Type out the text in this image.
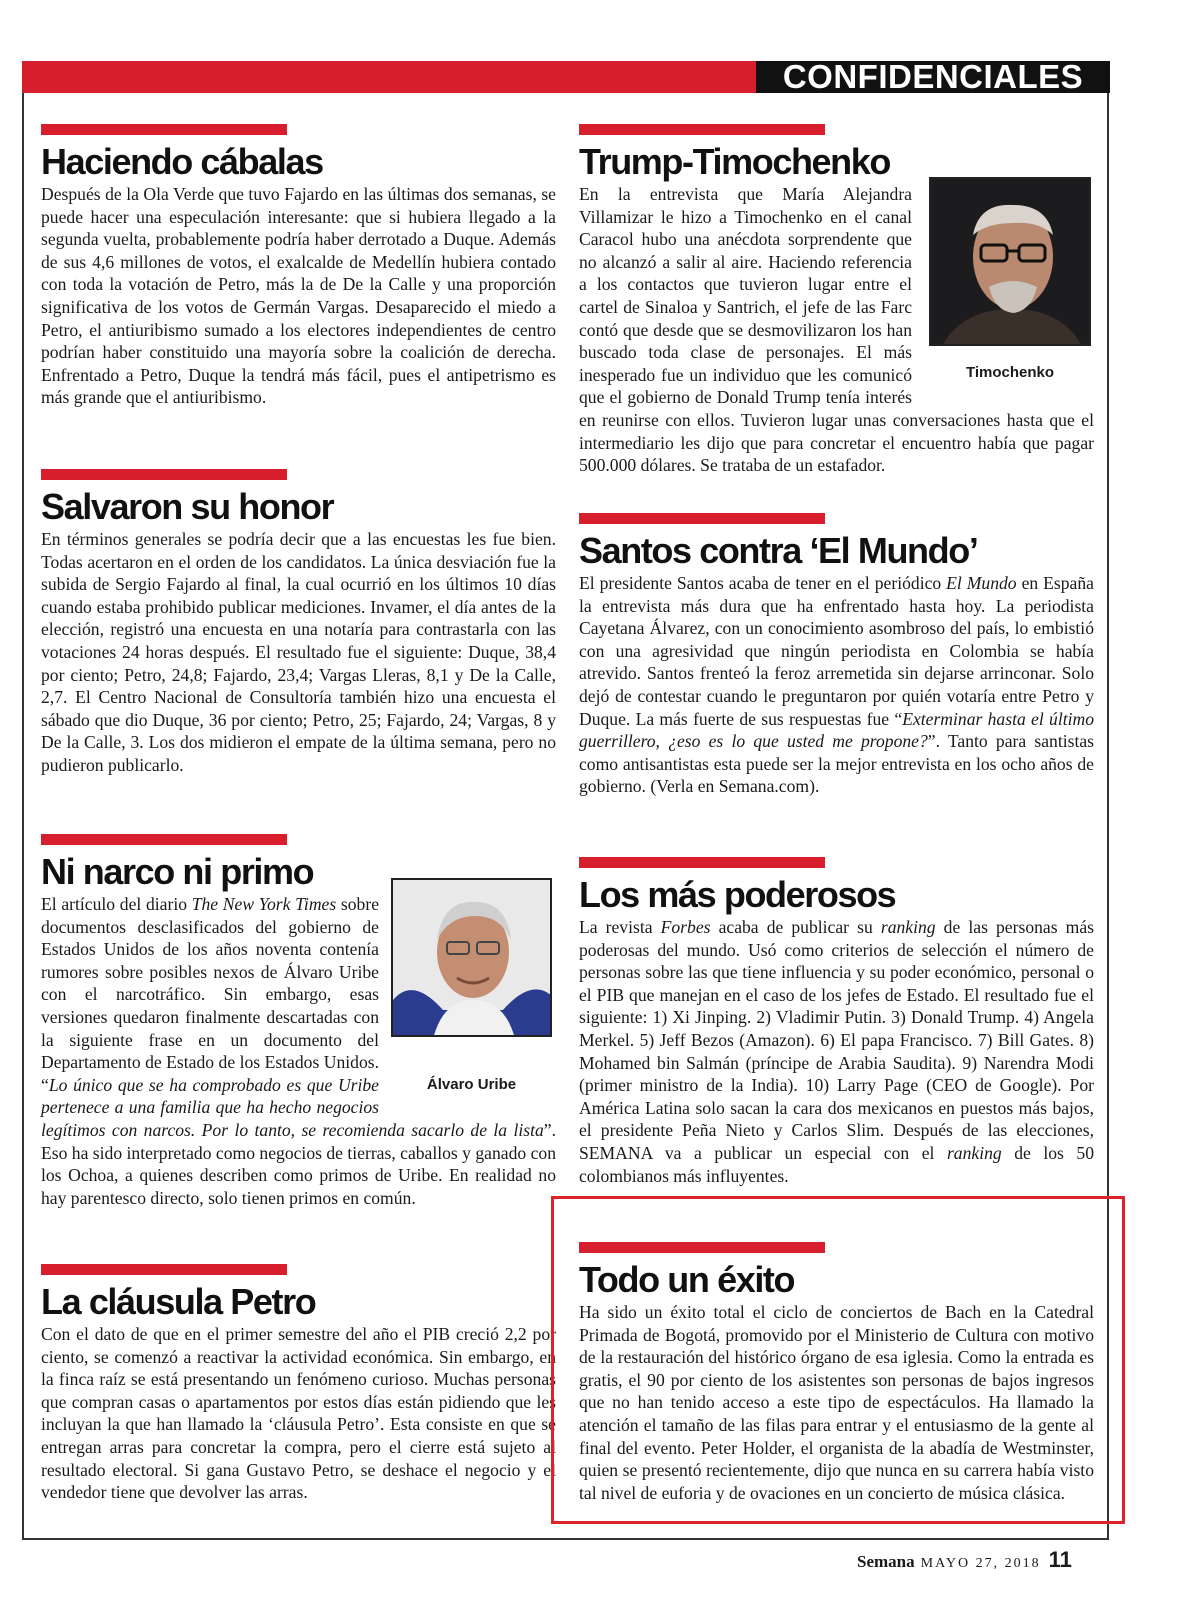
CONFIDENCIALES
Haciendo cábalas

Después de la Ola Verde que tuvo Fajardo en las últimas dos semanas, se puede hacer una especulación interesante: que si hubiera llegado a la segunda vuelta, probablemente podría haber derrotado a Duque. Además de sus 4,6 millones de votos, el exalcalde de Medellín hubiera contado con toda la votación de Petro, más la de De la Calle y una proporción significativa de los votos de Germán Vargas. Desaparecido el miedo a Petro, el antiuribismo sumado a los electores independientes de centro podrían haber constituido una mayoría sobre la coalición de derecha. Enfrentado a Petro, Duque la tendrá más fácil, pues el antipetrismo es más grande que el antiuribismo.

Salvaron su honor

En términos generales se podría decir que a las encuestas les fue bien. Todas acertaron en el orden de los candidatos. La única desviación fue la subida de Sergio Fajardo al final, la cual ocurrió en los últimos 10 días cuando estaba prohibido publicar mediciones. Invamer, el día antes de la elección, registró una encuesta en una notaría para contrastarla con las votaciones 24 horas después. El resultado fue el siguiente: Duque, 38,4 por ciento; Petro, 24,8; Fajardo, 23,4; Vargas Lleras, 8,1 y De la Calle, 2,7. El Centro Nacional de Consultoría también hizo una encuesta el sábado que dio Duque, 36 por ciento; Petro, 25; Fajardo, 24; Vargas, 8 y De la Calle, 3. Los dos midieron el empate de la última semana, pero no pudieron publicarlo.

Ni narco ni primo

El artículo del diario The New York Times sobre documentos desclasificados del gobierno de Estados Unidos de los años noventa contenía rumores sobre posibles nexos de Álvaro Uribe con el narcotráfico. Sin embargo, esas versiones quedaron finalmente descartadas con la siguiente frase en un documento del Departamento de Estado de los Estados Unidos. “Lo único que se ha comprobado es que Uribe pertenece a una familia que ha hecho negocios legítimos con narcos. Por lo tanto, se recomienda sacarlo de la lista”. Eso ha sido interpretado como negocios de tierras, caballos y ganado con los Ochoa, a quienes describen como primos de Uribe. En realidad no hay parentesco directo, solo tienen primos en común.

Álvaro Uribe
La cláusula Petro

Con el dato de que en el primer semestre del año el PIB creció 2,2 por ciento, se comenzó a reactivar la actividad económica. Sin embargo, en la finca raíz se está presentando un fenómeno curioso. Muchas personas que compran casas o apartamentos por estos días están pidiendo que les incluyan la que han llamado la ‘cláusula Petro’. Esta consiste en que se entregan arras para concretar la compra, pero el cierre está sujeto al resultado electoral. Si gana Gustavo Petro, se deshace el negocio y el vendedor tiene que devolver las arras.

Trump-Timochenko

En la entrevista que María Alejandra Villamizar le hizo a Timochenko en el canal Caracol hubo una anécdota sorprendente que no alcanzó a salir al aire. Haciendo referencia a los contactos que tuvieron lugar entre el cartel de Sinaloa y Santrich, el jefe de las Farc contó que desde que se desmovilizaron los han buscado toda clase de personajes. El más inesperado fue un individuo que les comunicó que el gobierno de Donald Trump tenía interés en reunirse con ellos. Tuvieron lugar unas conversaciones hasta que el intermediario les dijo que para concretar el encuentro había que pagar 500.000 dólares. Se trataba de un estafador.

Timochenko
Santos contra ‘El Mundo’

El presidente Santos acaba de tener en el periódico El Mundo en España la entrevista más dura que ha enfrentado hasta hoy. La periodista Cayetana Álvarez, con un conocimiento asombroso del país, lo embistió con una agresividad que ningún periodista en Colombia se había atrevido. Santos frenteó la feroz arremetida sin dejarse arrinconar. Solo dejó de contestar cuando le preguntaron por quién votaría entre Petro y Duque. La más fuerte de sus respuestas fue “Exterminar hasta el último guerrillero, ¿eso es lo que usted me propone?”. Tanto para santistas como antisantistas esta puede ser la mejor entrevista en los ocho años de gobierno. (Verla en Semana.com).

Los más poderosos

La revista Forbes acaba de publicar su ranking de las personas más poderosas del mundo. Usó como criterios de selección el número de personas sobre las que tiene influencia y su poder económico, personal o el PIB que manejan en el caso de los jefes de Estado. El resultado fue el siguiente: 1) Xi Jinping. 2) Vladimir Putin. 3) Donald Trump. 4) Angela Merkel. 5) Jeff Bezos (Amazon). 6) El papa Francisco. 7) Bill Gates. 8) Mohamed bin Salmán (príncipe de Arabia Saudita). 9) Narendra Modi (primer ministro de la India). 10) Larry Page (CEO de Google). Por América Latina solo sacan la cara dos mexicanos en puestos más bajos, el presidente Peña Nieto y Carlos Slim. Después de las elecciones, SEMANA va a publicar un especial con el ranking de los 50 colombianos más influyentes.

Todo un éxito

Ha sido un éxito total el ciclo de conciertos de Bach en la Catedral Primada de Bogotá, promovido por el Ministerio de Cultura con motivo de la restauración del histórico órgano de esa iglesia. Como la entrada es gratis, el 90 por ciento de los asistentes son personas de bajos ingresos que no han tenido acceso a este tipo de espectáculos. Ha llamado la atención el tamaño de las filas para entrar y el entusiasmo de la gente al final del evento. Peter Holder, el organista de la abadía de Westminster, quien se presentó recientemente, dijo que nunca en su carrera había visto tal nivel de euforia y de ovaciones en un concierto de música clásica.

Semana MAYO 27, 2018 11
